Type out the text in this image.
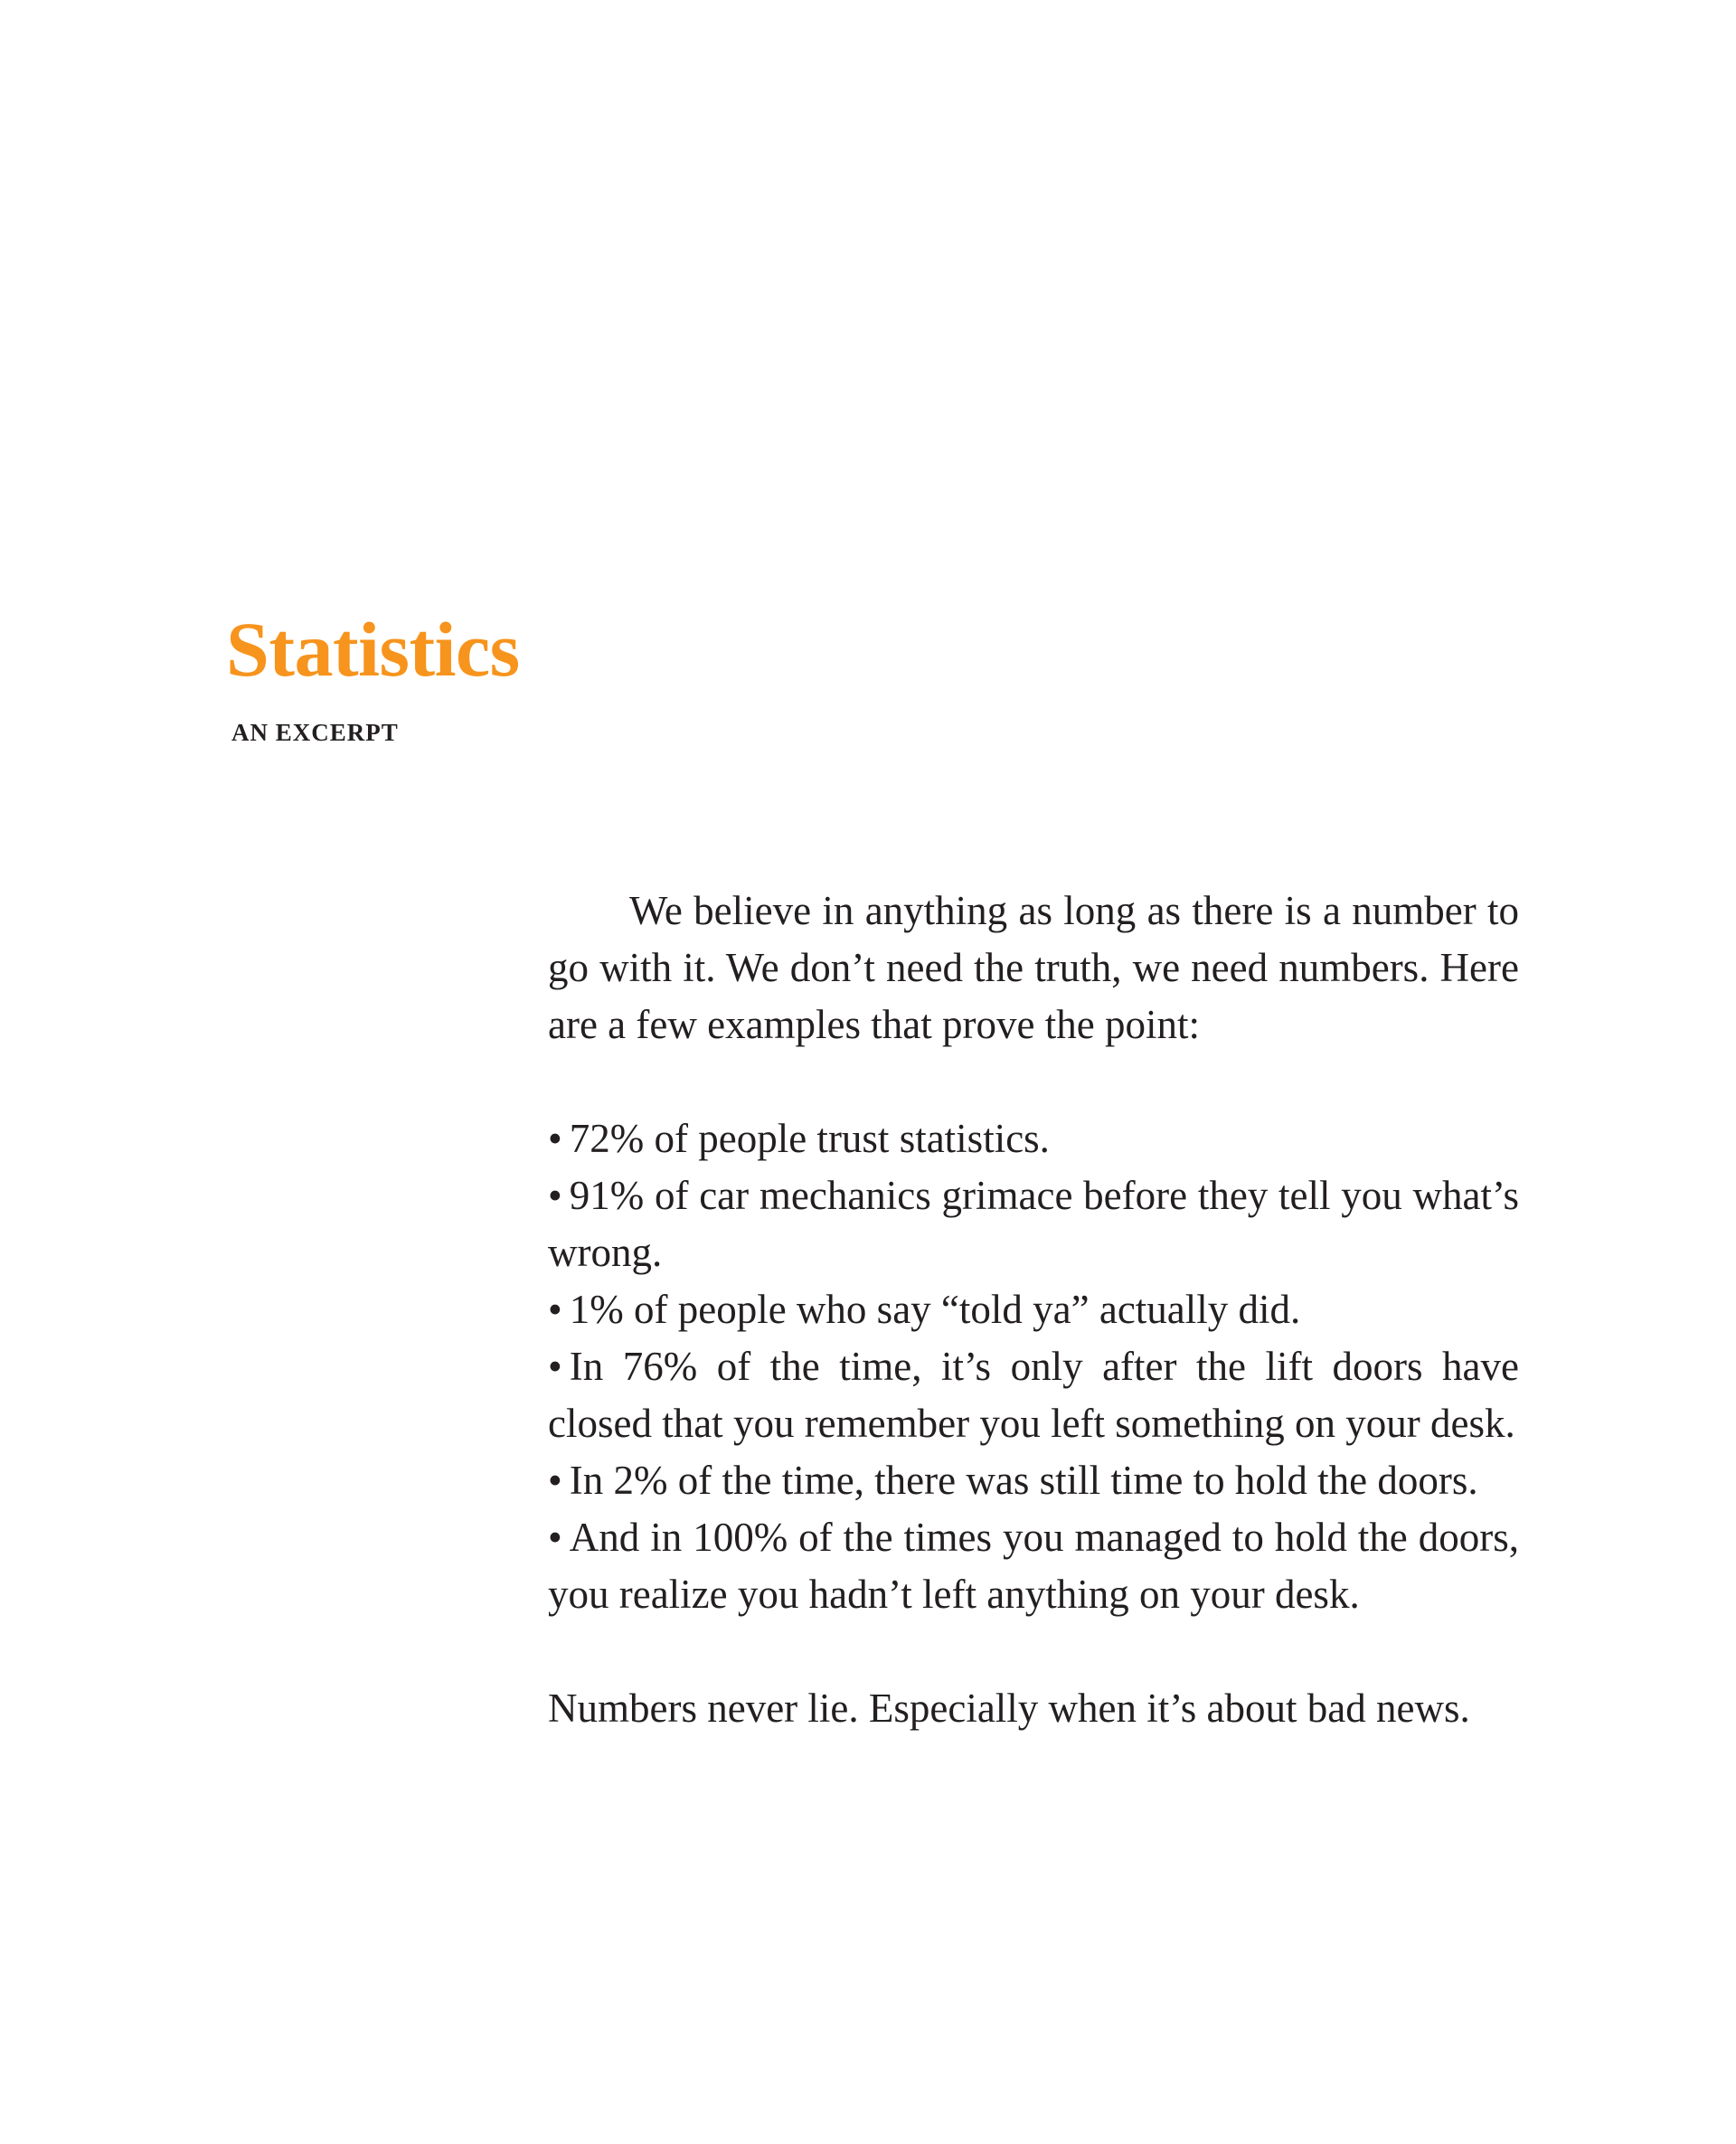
Statistics
AN EXCERPT

We believe in anything as long as there is a number to go with it. We don’t need the truth, we need numbers. Here are a few examples that prove the point:

• 72% of people trust statistics.
• 91% of car mechanics grimace before they tell you what’s wrong.
• 1% of people who say “told ya” actually did.
• In 76% of the time, it’s only after the lift doors have closed that you remember you left something on your desk.
• In 2% of the time, there was still time to hold the doors.
• And in 100% of the times you managed to hold the doors, you realize you hadn’t left anything on your desk.

Numbers never lie. Especially when it’s about bad news.
